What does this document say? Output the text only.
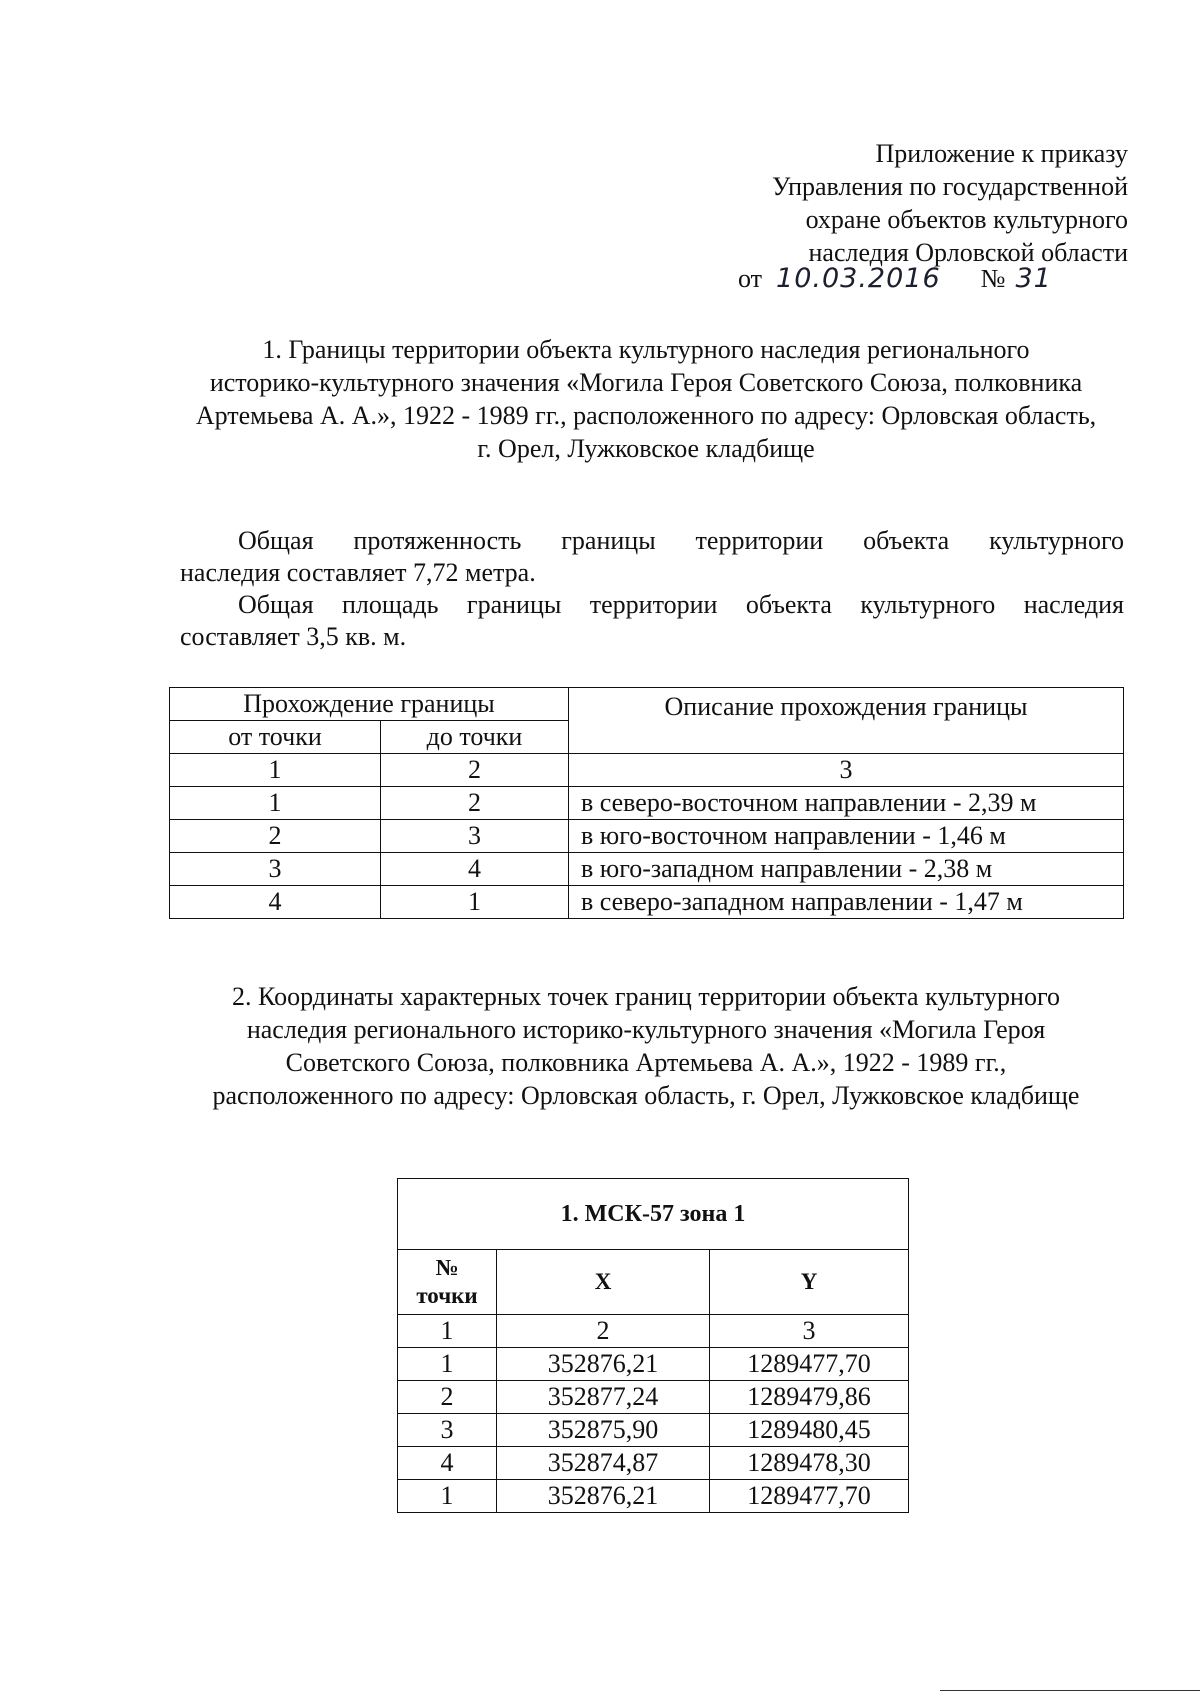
Приложение к приказу
Управления по государственной
охране объектов культурного
наследия Орловской области
от 10.03.2016 № 31
1. Границы территории объекта культурного наследия регионального
историко-культурного значения «Могила Героя Советского Союза, полковника
Артемьева А. А.», 1922 - 1989 гг., расположенного по адресу: Орловская область,
г. Орел, Лужковское кладбище
Общая протяженность границы территории объекта культурного
наследия составляет 7,72 метра.
Общая площадь границы территории объекта культурного наследия
составляет 3,5 кв. м.
Прохождение границы		Описание прохождения границы
от точки	до точки	
1	2	3
1	2	в северо-восточном направлении - 2,39 м
2	3	в юго-восточном направлении - 1,46 м
3	4	в юго-западном направлении - 2,38 м
4	1	в северо-западном направлении - 1,47 м
2. Координаты характерных точек границ территории объекта культурного
наследия регионального историко-культурного значения «Могила Героя
Советского Союза, полковника Артемьева А. А.», 1922 - 1989 гг.,
расположенного по адресу: Орловская область, г. Орел, Лужковское кладбище
1. МСК-57 зона 1		
№
точки	X	Y
1	2	3
1	352876,21	1289477,70
2	352877,24	1289479,86
3	352875,90	1289480,45
4	352874,87	1289478,30
1	352876,21	1289477,70
